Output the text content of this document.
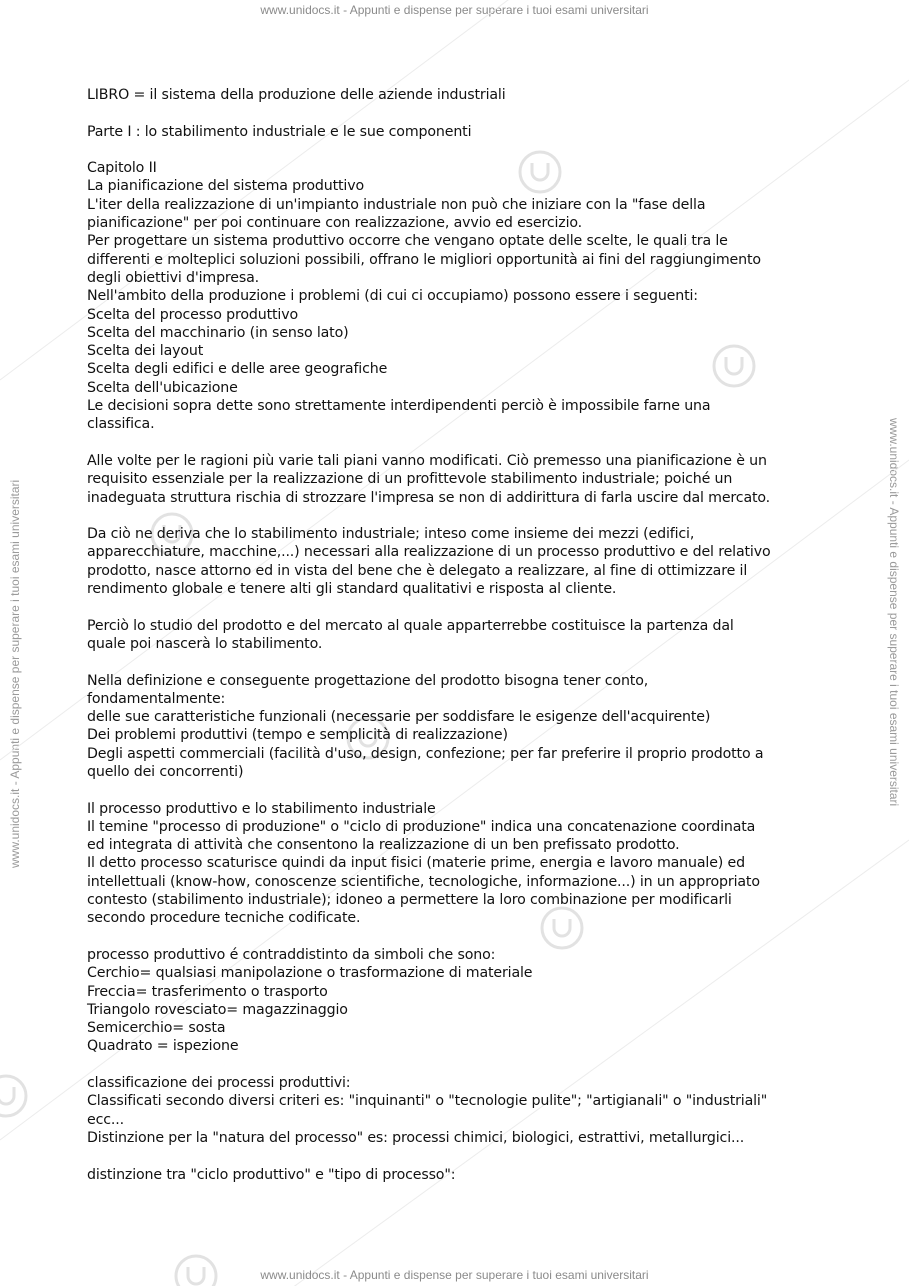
www.unidocs.it - Appunti e dispense per superare i tuoi esami universitari
www.unidocs.it - Appunti e dispense per superare i tuoi esami universitari	www.unidocs.it - Appunti e dispense per superare i tuoi esami universitari

LIBRO = il sistema della produzione delle aziende industriali

Parte I : lo stabilimento industriale e le sue componenti

Capitolo II

La pianificazione del sistema produttivo

L'iter della realizzazione di un'impianto industriale non può che iniziare con la "fase della

pianificazione" per poi continuare con realizzazione, avvio ed esercizio.

Per progettare un sistema produttivo occorre che vengano optate delle scelte, le quali tra le

differenti e molteplici soluzioni possibili, offrano le migliori opportunità ai fini del raggiungimento

degli obiettivi d'impresa.

Nell'ambito della produzione i problemi (di cui ci occupiamo) possono essere i seguenti:

Scelta del processo produttivo

Scelta del macchinario (in senso lato)

Scelta dei layout

Scelta degli edifici e delle aree geografiche

Scelta dell'ubicazione

Le decisioni sopra dette sono strettamente interdipendenti perciò è impossibile farne una

classifica.

Alle volte per le ragioni più varie tali piani vanno modificati. Ciò premesso una pianificazione è un

requisito essenziale per la realizzazione di un profittevole stabilimento industriale; poiché un

inadeguata struttura rischia di strozzare l'impresa se non di addirittura di farla uscire dal mercato.

Da ciò ne deriva che lo stabilimento industriale; inteso come insieme dei mezzi (edifici,

apparecchiature, macchine,...) necessari alla realizzazione di un processo produttivo e del relativo

prodotto, nasce attorno ed in vista del bene che è delegato a realizzare, al fine di ottimizzare il

rendimento globale e tenere alti gli standard qualitativi e risposta al cliente.

Perciò lo studio del prodotto e del mercato al quale apparterrebbe costituisce la partenza dal

quale poi nascerà lo stabilimento.

Nella definizione e conseguente progettazione del prodotto bisogna tener conto,

fondamentalmente:

delle sue caratteristiche funzionali (necessarie per soddisfare le esigenze dell'acquirente)

Dei problemi produttivi (tempo e semplicità di realizzazione)

Degli aspetti commerciali (facilità d'uso, design, confezione; per far preferire il proprio prodotto a

quello dei concorrenti)

Il processo produttivo e lo stabilimento industriale

Il temine "processo di produzione" o "ciclo di produzione" indica una concatenazione coordinata

ed integrata di attività che consentono la realizzazione di un ben prefissato prodotto.

Il detto processo scaturisce quindi da input fisici (materie prime, energia e lavoro manuale) ed

intellettuali (know-how, conoscenze scientifiche, tecnologiche, informazione...) in un appropriato

contesto (stabilimento industriale); idoneo a permettere la loro combinazione per modificarli

secondo procedure tecniche codificate.

processo produttivo é contraddistinto da simboli che sono:

Cerchio= qualsiasi manipolazione o trasformazione di materiale

Freccia= trasferimento o trasporto

Triangolo rovesciato= magazzinaggio

Semicerchio= sosta

Quadrato = ispezione

classificazione dei processi produttivi:

Classificati secondo diversi criteri es: "inquinanti" o "tecnologie pulite"; "artigianali" o "industriali"

ecc...

Distinzione per la "natura del processo" es: processi chimici, biologici, estrattivi, metallurgici...

distinzione tra "ciclo produttivo" e "tipo di processo":

www.unidocs.it - Appunti e dispense per superare i tuoi esami universitari
